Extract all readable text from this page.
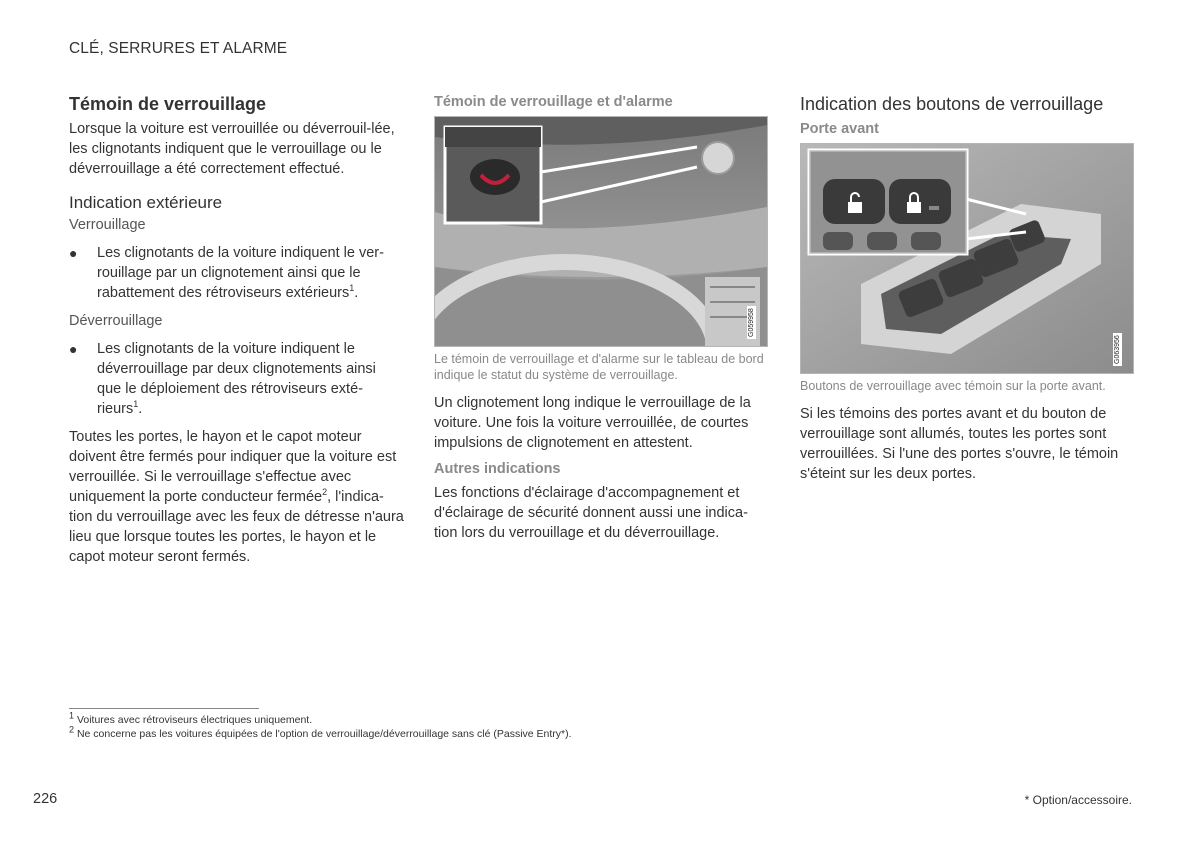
CLÉ, SERRURES ET ALARME
Témoin de verrouillage

Lorsque la voiture est verrouillée ou déverrouil-lée, les clignotants indiquent que le verrouillage ou le déverrouillage a été correctement effectué.

Indication extérieure
Verrouillage
● Les clignotants de la voiture indiquent le ver-rouillage par un clignotement ainsi que le rabattement des rétroviseurs extérieurs$^1$.
Déverrouillage
● Les clignotants de la voiture indiquent le déverrouillage par deux clignotements ainsi que le déploiement des rétroviseurs exté-rieurs$^1$.

Toutes les portes, le hayon et le capot moteur doivent être fermés pour indiquer que la voiture est verrouillée. Si le verrouillage s'effectue avec uniquement la porte conducteur fermée$^2$, l'indica-tion du verrouillage avec les feux de détresse n'aura lieu que lorsque toutes les portes, le hayon et le capot moteur seront fermés.

Témoin de verrouillage et d'alarme
G059958
Le témoin de verrouillage et d'alarme sur le tableau de bord indique le statut du système de verrouillage.

Un clignotement long indique le verrouillage de la voiture. Une fois la voiture verrouillée, de courtes impulsions de clignotement en attestent.

Autres indications

Les fonctions d'éclairage d'accompagnement et d'éclairage de sécurité donnent aussi une indica-tion lors du verrouillage et du déverrouillage.

Indication des boutons de verrouillage
Porte avant
G063956
Boutons de verrouillage avec témoin sur la porte avant.

Si les témoins des portes avant et du bouton de verrouillage sont allumés, toutes les portes sont verrouillées. Si l'une des portes s'ouvre, le témoin s'éteint sur les deux portes.

$^1$ Voitures avec rétroviseurs électriques uniquement.
$^2$ Ne concerne pas les voitures équipées de l'option de verrouillage/déverrouillage sans clé (Passive Entry*).
226	* Option/accessoire.
